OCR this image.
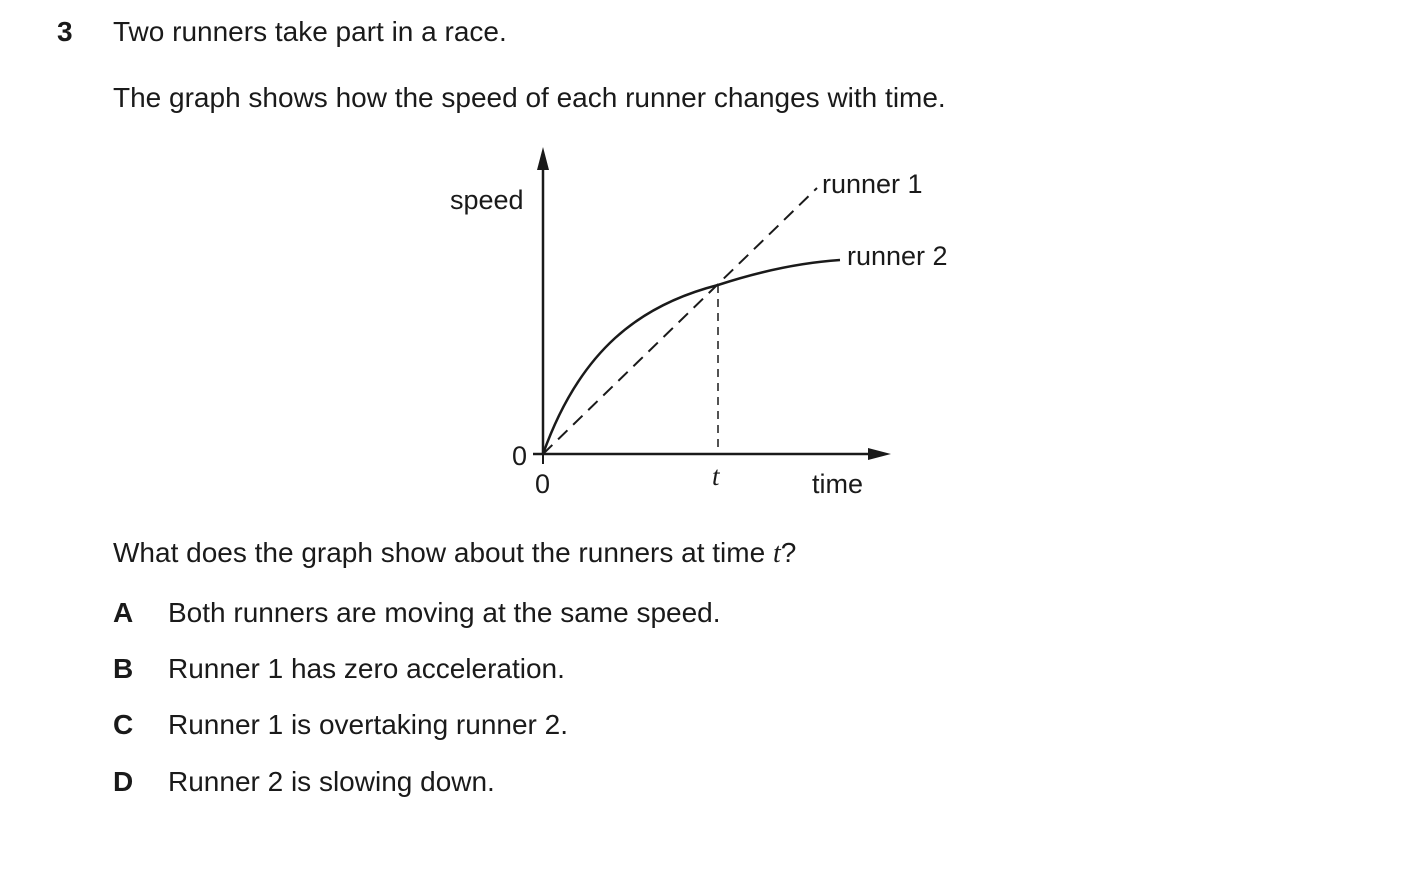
3 Two runners take part in a race.
The graph shows how the speed of each runner changes with time.
speed
time
0
0	t
runner 1
runner 2
What does the graph show about the runners at time t?
A Both runners are moving at the same speed.
B Runner 1 has zero acceleration.
C Runner 1 is overtaking runner 2.
D Runner 2 is slowing down.
